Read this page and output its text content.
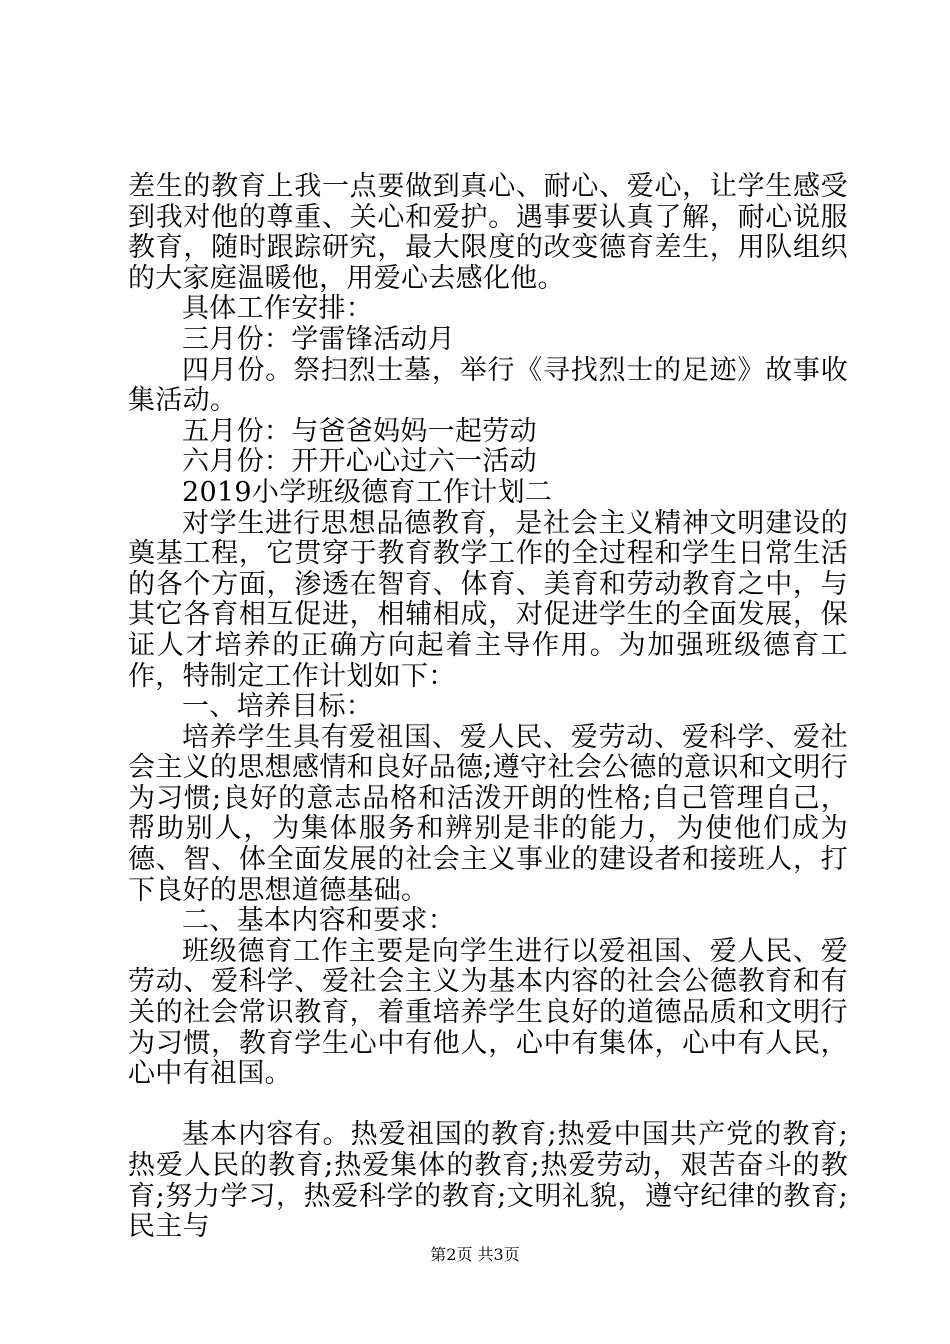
差生的教育上我一点要做到真心、耐心、爱心，让学生感受到我对他的尊重、关心和爱护。遇事要认真了解，耐心说服教育，随时跟踪研究，最大限度的改变德育差生，用队组织的大家庭温暖他，用爱心去感化他。

具体工作安排：

三月份：学雷锋活动月

四月份。祭扫烈士墓，举行《寻找烈士的足迹》故事收集活动。

五月份：与爸爸妈妈一起劳动

六月份：开开心心过六一活动

2019小学班级德育工作计划二

对学生进行思想品德教育，是社会主义精神文明建设的奠基工程，它贯穿于教育教学工作的全过程和学生日常生活的各个方面，渗透在智育、体育、美育和劳动教育之中，与其它各育相互促进，相辅相成，对促进学生的全面发展，保证人才培养的正确方向起着主导作用。为加强班级德育工作，特制定工作计划如下：

一、培养目标：

培养学生具有爱祖国、爱人民、爱劳动、爱科学、爱社会主义的思想感情和良好品德;遵守社会公德的意识和文明行为习惯;良好的意志品格和活泼开朗的性格;自己管理自己，帮助别人，为集体服务和辨别是非的能力，为使他们成为德、智、体全面发展的社会主义事业的建设者和接班人，打下良好的思想道德基础。

二、基本内容和要求：

班级德育工作主要是向学生进行以爱祖国、爱人民、爱劳动、爱科学、爱社会主义为基本内容的社会公德教育和有关的社会常识教育，着重培养学生良好的道德品质和文明行为习惯，教育学生心中有他人，心中有集体，心中有人民，心中有祖国。

基本内容有。热爱祖国的教育;热爱中国共产党的教育;热爱人民的教育;热爱集体的教育;热爱劳动，艰苦奋斗的教育;努力学习，热爱科学的教育;文明礼貌，遵守纪律的教育;民主与

第2页 共3页
